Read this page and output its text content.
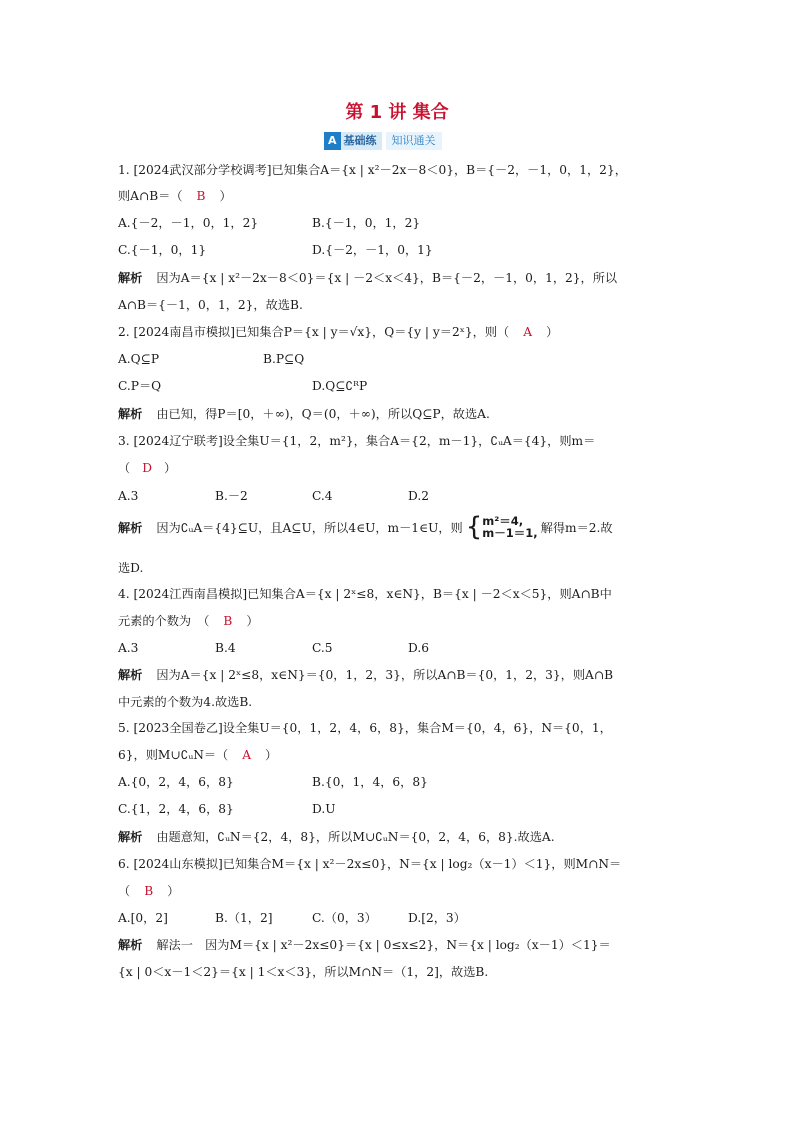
第 1 讲 集合
A 基础练	知识通关
1. [2024武汉部分学校调考]已知集合A＝{x | x²－2x－8＜0}，B＝{－2，－1，0，1，2}，
则A∩B＝（ B ）
A.{－2，－1，0，1，2}	B.{－1，0，1，2}
C.{－1，0，1}	D.{－2，－1，0，1}
解析 因为A＝{x | x²－2x－8＜0}＝{x | －2＜x＜4}，B＝{－2，－1，0，1，2}，所以
A∩B＝{－1，0，1，2}，故选B.
2. [2024南昌市模拟]已知集合P＝{x | y＝√x}，Q＝{y | y＝2ˣ}，则（ A ）
A.Q⊆P	B.P⊆Q
C.P＝Q	D.Q⊆∁ᴿP
解析 由已知，得P＝[0，＋∞)，Q＝(0，＋∞)，所以Q⊆P，故选A.
3. [2024辽宁联考]设全集U＝{1，2，m²}，集合A＝{2，m－1}，∁ᵤA＝{4}，则m＝
（ D ）
A.3	B.－2	C.4	D.2
解析 因为∁ᵤA＝{4}⊆U，且A⊆U，所以4∈U，m－1∈U，则 { m²＝4,
m－1＝1, 解得m＝2.故
选D.
4. [2024江西南昌模拟]已知集合A＝{x | 2ˣ≤8，x∈N}，B＝{x | －2＜x＜5}，则A∩B中
元素的个数为　（ B ）
A.3	B.4	C.5	D.6
解析 因为A＝{x | 2ˣ≤8，x∈N}＝{0，1，2，3}，所以A∩B＝{0，1，2，3}，则A∩B
中元素的个数为4.故选B.
5. [2023全国卷乙]设全集U＝{0，1，2，4，6，8}，集合M＝{0，4，6}，N＝{0，1，
6}，则M∪∁ᵤN＝（ A ）
A.{0，2，4，6，8}	B.{0，1，4，6，8}
C.{1，2，4，6，8}	D.U
解析 由题意知，∁ᵤN＝{2，4，8}，所以M∪∁ᵤN＝{0，2，4，6，8}.故选A.
6. [2024山东模拟]已知集合M＝{x | x²－2x≤0}，N＝{x | log₂（x－1）＜1}，则M∩N＝
（ B ）
A.[0，2]	B.（1，2]	C.（0，3）	D.[2，3）
解析 解法一　因为M＝{x | x²－2x≤0}＝{x | 0≤x≤2}，N＝{x | log₂（x－1）＜1}＝
{x | 0＜x－1＜2}＝{x | 1＜x＜3}，所以M∩N＝（1，2]，故选B.
